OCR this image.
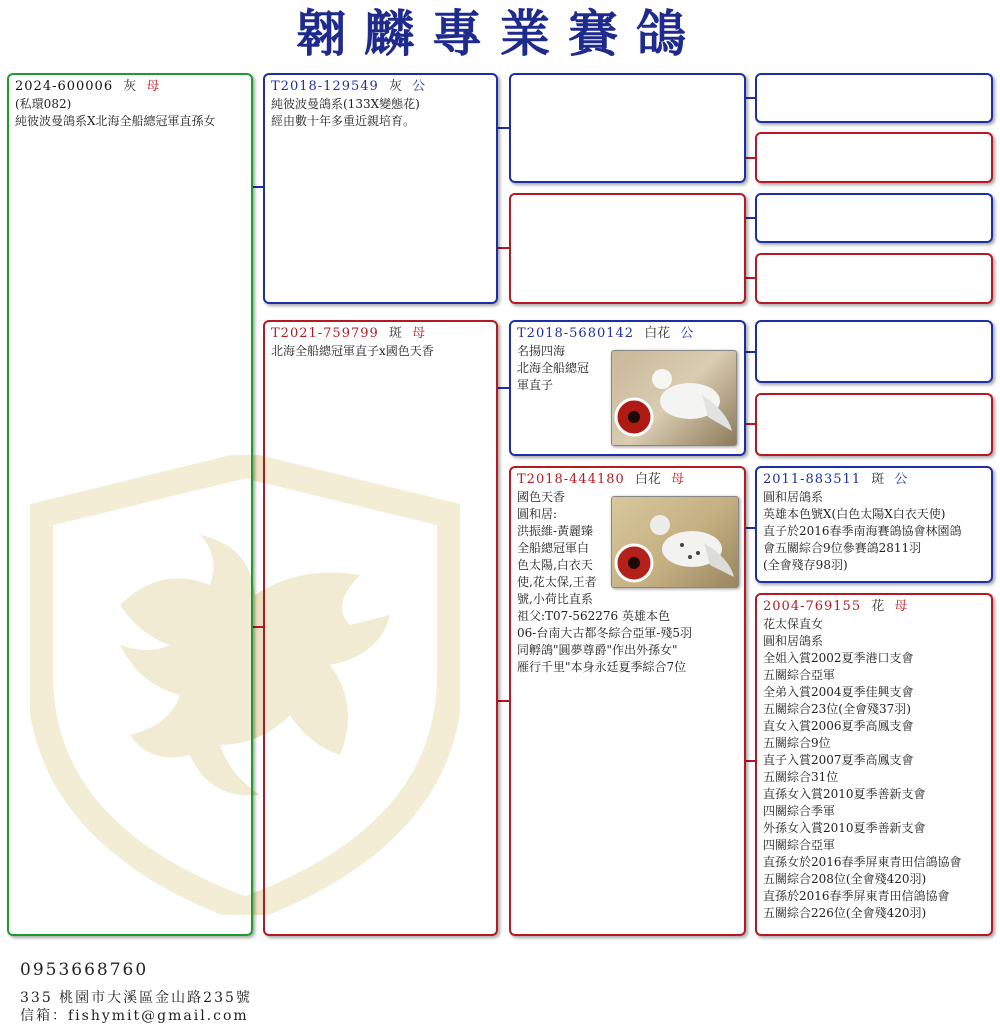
翱麟專業賽鴿
2024-600006 灰 母
(私環082)
純彼波曼鴿系X北海全船總冠軍直孫女
T2018-129549 灰 公
純彼波曼鴿系(133X變態花)
經由數十年多重近親培育。
T2021-759799 斑 母
北海全船總冠軍直子x國色天香
T2018-5680142 白花 公
名揚四海
北海全船總冠
軍直子
T2018-444180 白花 母
國色天香
圓和居:
洪振維-黃麗臻
全船總冠軍白
色太陽,白衣天
使,花太保,王者
號,小荷比直系
祖父:T07-562276 英雄本色
06-台南大古都冬綜合亞軍-殘5羽
同孵鴿"圓夢尊爵"作出外孫女"
雁行千里"本身永廷夏季綜合7位
2011-883511 斑 公
圓和居鴿系
英雄本色號X(白色太陽X白衣天使)
直子於2016春季南海賽鴿協會林園鴿
會五關綜合9位參賽鴿2811羽
(全會殘存98羽)
2004-769155 花 母
花太保直女
圓和居鴿系
全姐入賞2002夏季港口支會
五關綜合亞軍
全弟入賞2004夏季佳興支會
五關綜合23位(全會殘37羽)
直女入賞2006夏季高鳳支會
五關綜合9位
直子入賞2007夏季高鳳支會
五關綜合31位
直孫女入賞2010夏季善新支會
四關綜合季軍
外孫女入賞2010夏季善新支會
四關綜合亞軍
直孫女於2016春季屏東青田信鴿協會
五關綜合208位(全會殘420羽)
直孫於2016春季屏東青田信鴿協會
五關綜合226位(全會殘420羽)
0953668760
335 桃園市大溪區金山路235號
信箱：fishymit@gmail.com
